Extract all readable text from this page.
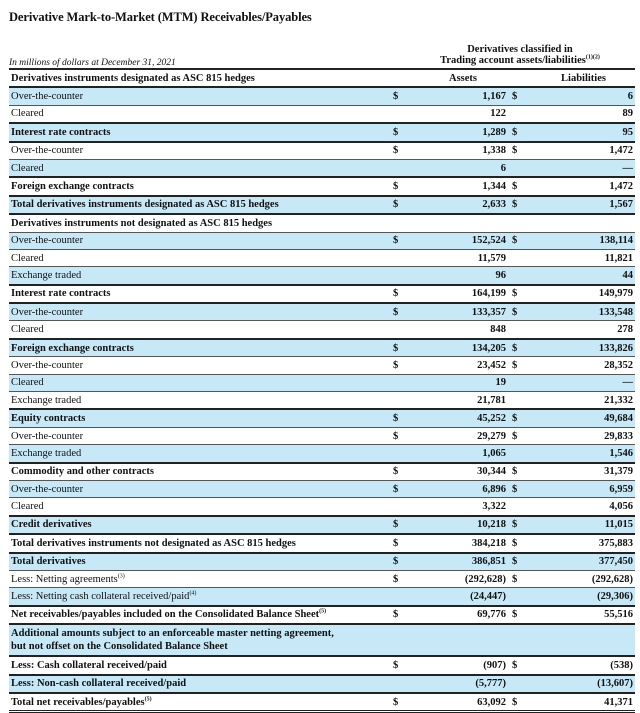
Derivative Mark-to-Market (MTM) Receivables/Payables
In millions of dollars at December 31, 2021
Derivatives classified in
Trading account assets/liabilities$^{(1)(2)}$
Derivatives instruments designated as ASC 815 hedges		Assets		Liabilities
Over-the-counter	$	1,167	$	6
Cleared		122		89
Interest rate contracts	$	1,289	$	95
Over-the-counter	$	1,338	$	1,472
Cleared		6		—
Foreign exchange contracts	$	1,344	$	1,472
Total derivatives instruments designated as ASC 815 hedges	$	2,633	$	1,567
Derivatives instruments not designated as ASC 815 hedges				
Over-the-counter	$	152,524	$	138,114
Cleared		11,579		11,821
Exchange traded		96		44
Interest rate contracts	$	164,199	$	149,979
Over-the-counter	$	133,357	$	133,548
Cleared		848		278
Foreign exchange contracts	$	134,205	$	133,826
Over-the-counter	$	23,452	$	28,352
Cleared		19		—
Exchange traded		21,781		21,332
Equity contracts	$	45,252	$	49,684
Over-the-counter	$	29,279	$	29,833
Exchange traded		1,065		1,546
Commodity and other contracts	$	30,344	$	31,379
Over-the-counter	$	6,896	$	6,959
Cleared		3,322		4,056
Credit derivatives	$	10,218	$	11,015
Total derivatives instruments not designated as ASC 815 hedges	$	384,218	$	375,883
Total derivatives	$	386,851	$	377,450
Less: Netting agreements$^{(3)}$	$	(292,628)	$	(292,628)
Less: Netting cash collateral received/paid$^{(4)}$		(24,447)		(29,306)
Net receivables/payables included on the Consolidated Balance Sheet$^{(5)}$	$	69,776	$	55,516
Additional amounts subject to an enforceable master netting agreement,
but not offset on the Consolidated Balance Sheet				
Less: Cash collateral received/paid	$	(907)	$	(538)
Less: Non-cash collateral received/paid		(5,777)		(13,607)
Total net receivables/payables$^{(5)}$	$	63,092	$	41,371
